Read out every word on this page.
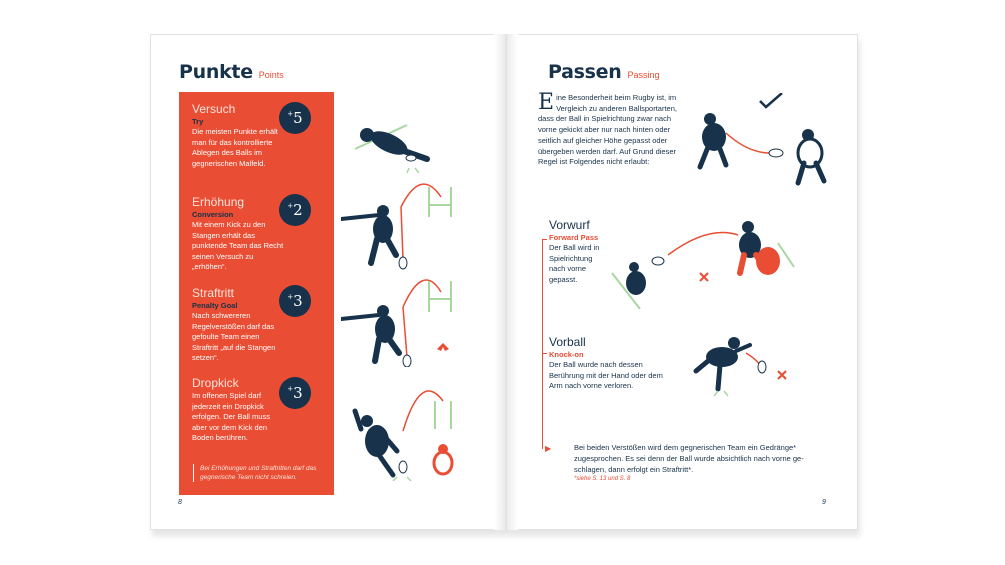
Punkte Points
Versuch
Try
Die meisten Punkte erhält man für das kontrollierte Ablegen des Balls im gegnerischen Malfeld.
+5
Erhöhung
Conversion
Mit einem Kick zu den Stangen erhält das punktende Team das Recht seinen Versuch zu „erhöhen“.
+2
Straftritt
Penalty Goal
Nach schwereren Regelverstößen darf das gefoulte Team einen Straftritt „auf die Stangen setzen“.
+3
Dropkick
Im offenen Spiel darf jederzeit ein Dropkick erfolgen. Der Ball muss aber vor dem Kick den Boden berühren.
+3
Bei Erhöhungen und Straftritten darf das gegnerische Team nicht schreien.
8
Passen Passing
Eine Besonderheit beim Rugby ist, im Vergleich zu anderen Ballsportarten, dass der Ball in Spielrichtung zwar nach vorne gekickt aber nur nach hinten oder seitlich auf gleicher Höhe gepasst oder übergeben werden darf. Auf Grund dieser Regel ist Folgendes nicht erlaubt:
Vorwurf
Forward Pass
Der Ball wird in Spielrichtung nach vorne gepasst.
Vorball
Knock-on
Der Ball wurde nach dessen Berührung mit der Hand oder dem Arm nach vorne verloren.
▶	Bei beiden Verstößen wird dem gegnerischen Team ein Gedränge* zugesprochen. Es sei denn der Ball wurde absichtlich nach vorne geschlagen, dann erfolgt ein Straftritt*.
*siehe S. 13 und S. 8
9
